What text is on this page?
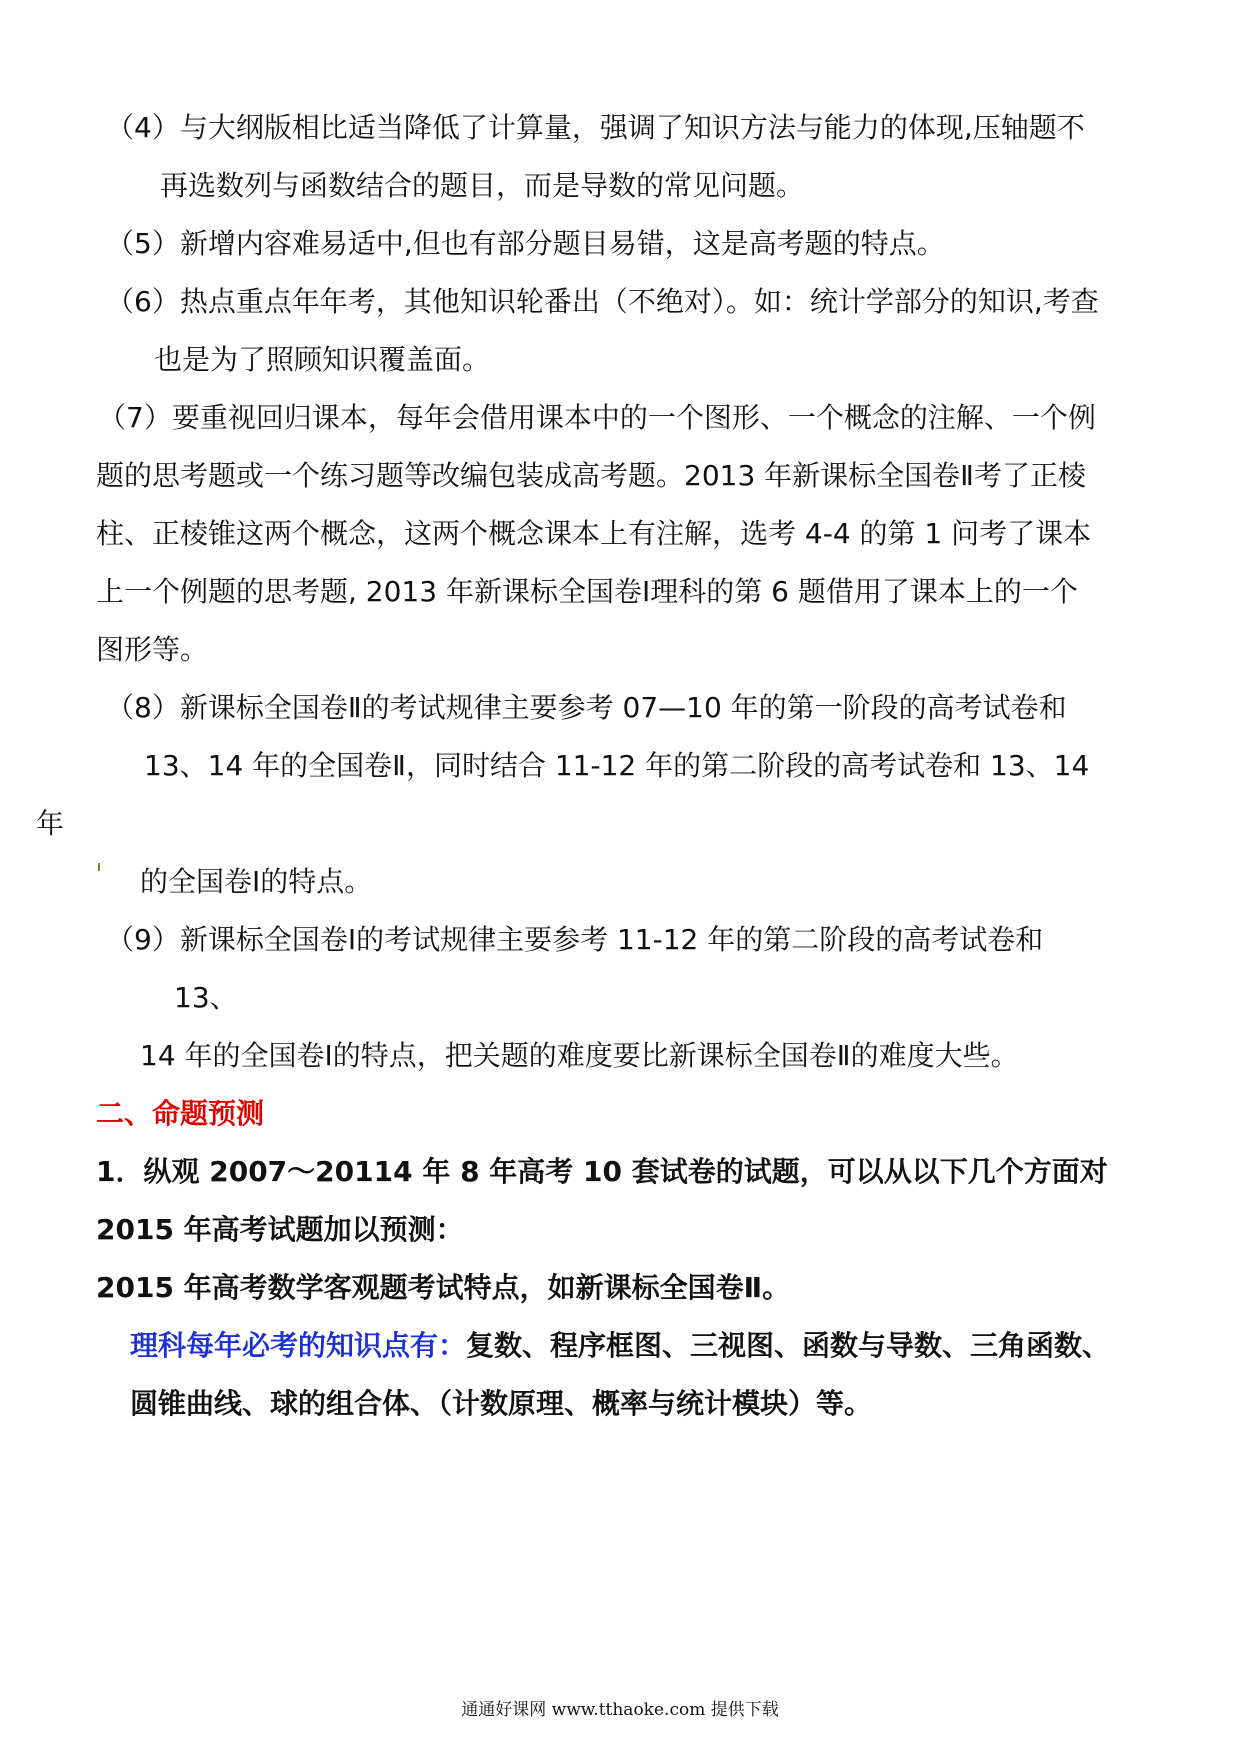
（4）与大纲版相比适当降低了计算量，强调了知识方法与能力的体现,压轴题不
再选数列与函数结合的题目，而是导数的常见问题。
（5）新增内容难易适中,但也有部分题目易错，这是高考题的特点。
（6）热点重点年年考，其他知识轮番出（不绝对）。如：统计学部分的知识,考查
也是为了照顾知识覆盖面。
（7）要重视回归课本，每年会借用课本中的一个图形、一个概念的注解、一个例
题的思考题或一个练习题等改编包装成高考题。2013 年新课标全国卷Ⅱ考了正棱
柱、正棱锥这两个概念，这两个概念课本上有注解，选考 4-4 的第 1 问考了课本
上一个例题的思考题, 2013 年新课标全国卷Ⅰ理科的第 6 题借用了课本上的一个
图形等。
（8）新课标全国卷Ⅱ的考试规律主要参考 07—10 年的第一阶段的高考试卷和
13、14 年的全国卷Ⅱ，同时结合 11-12 年的第二阶段的高考试卷和 13、14
年
的全国卷Ⅰ的特点。
（9）新课标全国卷Ⅰ的考试规律主要参考 11-12 年的第二阶段的高考试卷和
13、
14 年的全国卷Ⅰ的特点，把关题的难度要比新课标全国卷Ⅱ的难度大些。
二、命题预测
1．纵观 2007～20114 年 8 年高考 10 套试卷的试题，可以从以下几个方面对
2015 年高考试题加以预测：
2015 年高考数学客观题考试特点，如新课标全国卷Ⅱ。
理科每年必考的知识点有：复数、程序框图、三视图、函数与导数、三角函数、
圆锥曲线、球的组合体、（计数原理、概率与统计模块）等。
通通好课网 www.tthaoke.com 提供下载
